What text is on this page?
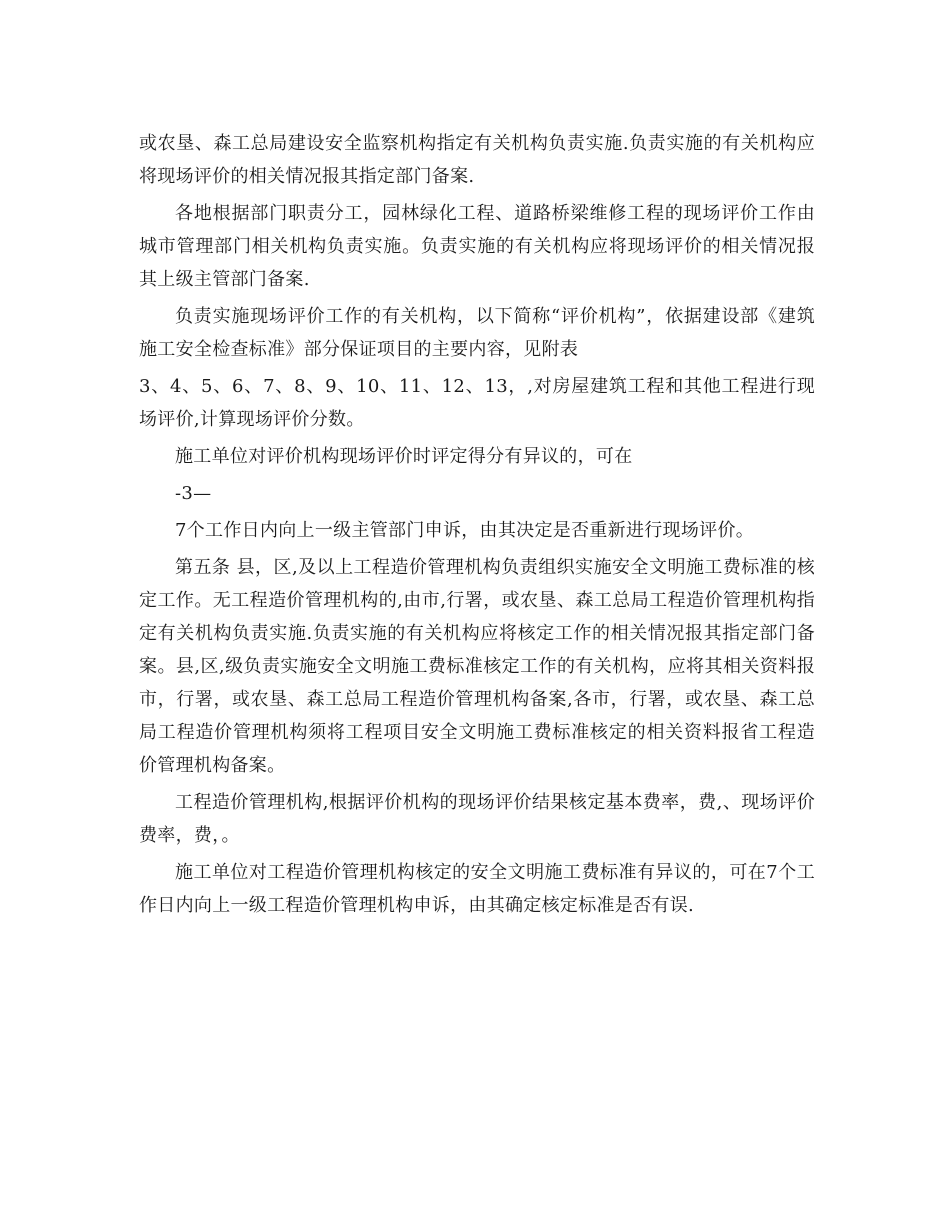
或农垦、森工总局建设安全监察机构指定有关机构负责实施.负责实施的有关机构应将现场评价的相关情况报其指定部门备案.

各地根据部门职责分工，园林绿化工程、道路桥梁维修工程的现场评价工作由城市管理部门相关机构负责实施。负责实施的有关机构应将现场评价的相关情况报其上级主管部门备案.

负责实施现场评价工作的有关机构，以下简称“评价机构”，依据建设部《建筑施工安全检查标准》部分保证项目的主要内容，见附表

3、4、5、6、7、8、9、10、11、12、13，,对房屋建筑工程和其他工程进行现场评价,计算现场评价分数。

施工单位对评价机构现场评价时评定得分有异议的，可在

-3—

7个工作日内向上一级主管部门申诉，由其决定是否重新进行现场评价。

第五条 县，区,及以上工程造价管理机构负责组织实施安全文明施工费标准的核定工作。无工程造价管理机构的,由市,行署，或农垦、森工总局工程造价管理机构指定有关机构负责实施.负责实施的有关机构应将核定工作的相关情况报其指定部门备案。县,区,级负责实施安全文明施工费标准核定工作的有关机构，应将其相关资料报市，行署，或农垦、森工总局工程造价管理机构备案,各市，行署，或农垦、森工总局工程造价管理机构须将工程项目安全文明施工费标准核定的相关资料报省工程造价管理机构备案。

工程造价管理机构,根据评价机构的现场评价结果核定基本费率，费,、现场评价费率，费，。

施工单位对工程造价管理机构核定的安全文明施工费标准有异议的，可在7个工作日内向上一级工程造价管理机构申诉，由其确定核定标准是否有误.
